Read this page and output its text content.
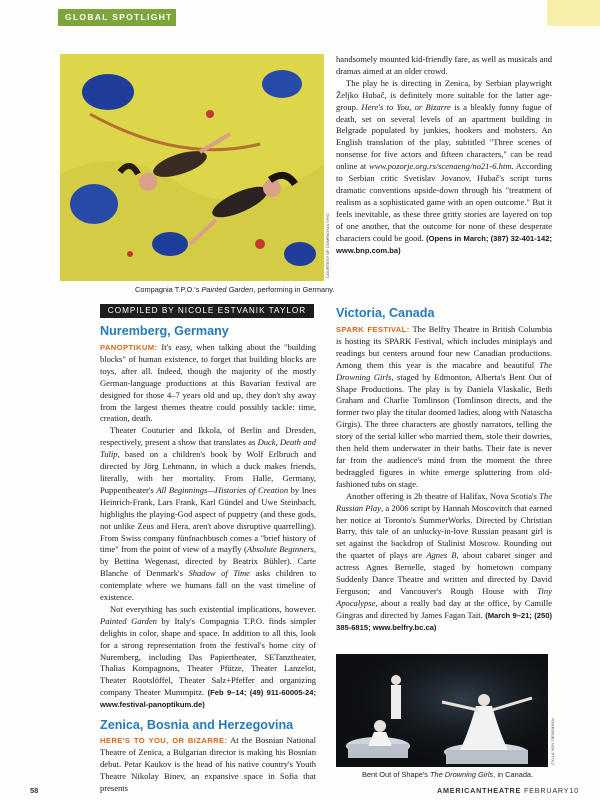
GLOBAL SPOTLIGHT
COURTESY OF COMPAGNIA T.P.O.
Compagnia T.P.O.'s Painted Garden, performing in Germany.
COMPILED BY NICOLE ESTVANIK TAYLOR
Nuremberg, Germany

PANOPTIKUM: It's easy, when talking about the "building blocks" of human existence, to forget that building blocks are toys, after all. Indeed, though the majority of the mostly German-language productions at this Bavarian festival are designed for those 4–7 years old and up, they don't shy away from the largest themes theatre could possibly tackle: time, creation, death.

Theater Couturier and Ikkola, of Berlin and Dresden, respectively, present a show that translates as Duck, Death and Tulip, based on a children's book by Wolf Erlbruch and directed by Jörg Lehmann, in which a duck makes friends, literally, with her mortality. From Halle, Germany, Puppentheater's All Beginnings—Histories of Creation by Ines Heinrich-Frank, Lars Frank, Karl Gündel and Uwe Steinbach, highlights the playing-God aspect of puppetry (and these gods, not unlike Zeus and Hera, aren't above disruptive quarrelling). From Swiss company fünfnachbusch comes a "brief history of time" from the point of view of a mayfly (Absolute Beginners, by Bettina Wegenast, directed by Beatrix Bühler). Carte Blanche of Denmark's Shadow of Time asks children to contemplate where we humans fall on the vast timeline of existence.

Not everything has such existential implications, however. Painted Garden by Italy's Compagnia T.P.O. finds simpler delights in color, shape and space. In addition to all this, look for a strong representation from the festival's home city of Nuremberg, including Das Papiertheater, SETanztheater, Thalias Kompagnons, Theater Pfütze, Theater Lanzelot, Theater Rootslöffel, Theater Salz+Pfeffer and organizing company Theater Mummpitz. (Feb 9–14; (49) 911-60005-24; www.festival-panoptikum.de)

Zenica, Bosnia and Herzegovina

HERE'S TO YOU, OR BIZARRE: At the Bosnian National Theatre of Zenica, a Bulgarian director is making his Bosnian debut. Petar Kaukov is the head of his native country's Youth Theatre Nikolay Binev, an expansive space in Sofia that presents

handsomely mounted kid-friendly fare, as well as musicals and dramas aimed at an older crowd.

The play he is directing in Zenica, by Serbian playwright Željko Hubač, is definitely more suitable for the latter age-group. Here's to You, or Bizarre is a bleakly funny fugue of death, set on several levels of an apartment building in Belgrade populated by junkies, hookers and mobsters. An English translation of the play, subtitled "Three scenes of nonsense for five actors and fifteen characters," can be read online at www.pozorje.org.rs/scenaeng/no21-6.htm. According to Serbian critic Svetislav Jovanov, Hubač's script turns dramatic conventions upside-down through his "treatment of realism as a sophisticated game with an open outcome." But it feels inevitable, as these three gritty stories are layered on top of one another, that the outcome for none of these desperate characters could be good. (Opens in March; (387) 32-401-142; www.bnp.com.ba)

Victoria, Canada

SPARK FESTIVAL: The Belfry Theatre in British Columbia is hosting its SPARK Festival, which includes miniplays and readings but centers around four new Canadian productions. Among them this year is the macabre and beautiful The Drowning Girls, staged by Edmonton, Alberta's Bent Out of Shape Productions. The play is by Daniela Vlaskalic, Beth Graham and Charlie Tomlinson (Tomlinson directs, and the former two play the titular doomed ladies, along with Natascha Girgis). The three characters are ghostly narrators, telling the story of the serial killer who married them, stole their dowries, then held them underwater in their baths. Their fate is never far from the audience's mind from the moment the three bedraggled figures in white emerge spluttering from old-fashioned tubs on stage.

Another offering is 2b theatre of Halifax, Nova Scotia's The Russian Play, a 2006 script by Hannah Moscovitch that earned her notice at Toronto's SummerWorks. Directed by Christian Barry, this tale of an unlucky-in-love Russian peasant girl is set against the backdrop of Stalinist Moscow. Rounding out the quartet of plays are Agnes B, about cabaret singer and actress Agnes Bernelle, staged by hometown company Suddenly Dance Theatre and written and directed by David Ferguson; and Vancouver's Rough House with Tiny Apocalypse, about a really bad day at the office, by Camille Gingras and directed by James Fagan Tait. (March 9–21; (250) 385-6815; www.belfry.bc.ca)

CYLLA VON TIEDEMANN
Bent Out of Shape's The Drowning Girls, in Canada.
58	AMERICANTHEATRE FEBRUARY10
